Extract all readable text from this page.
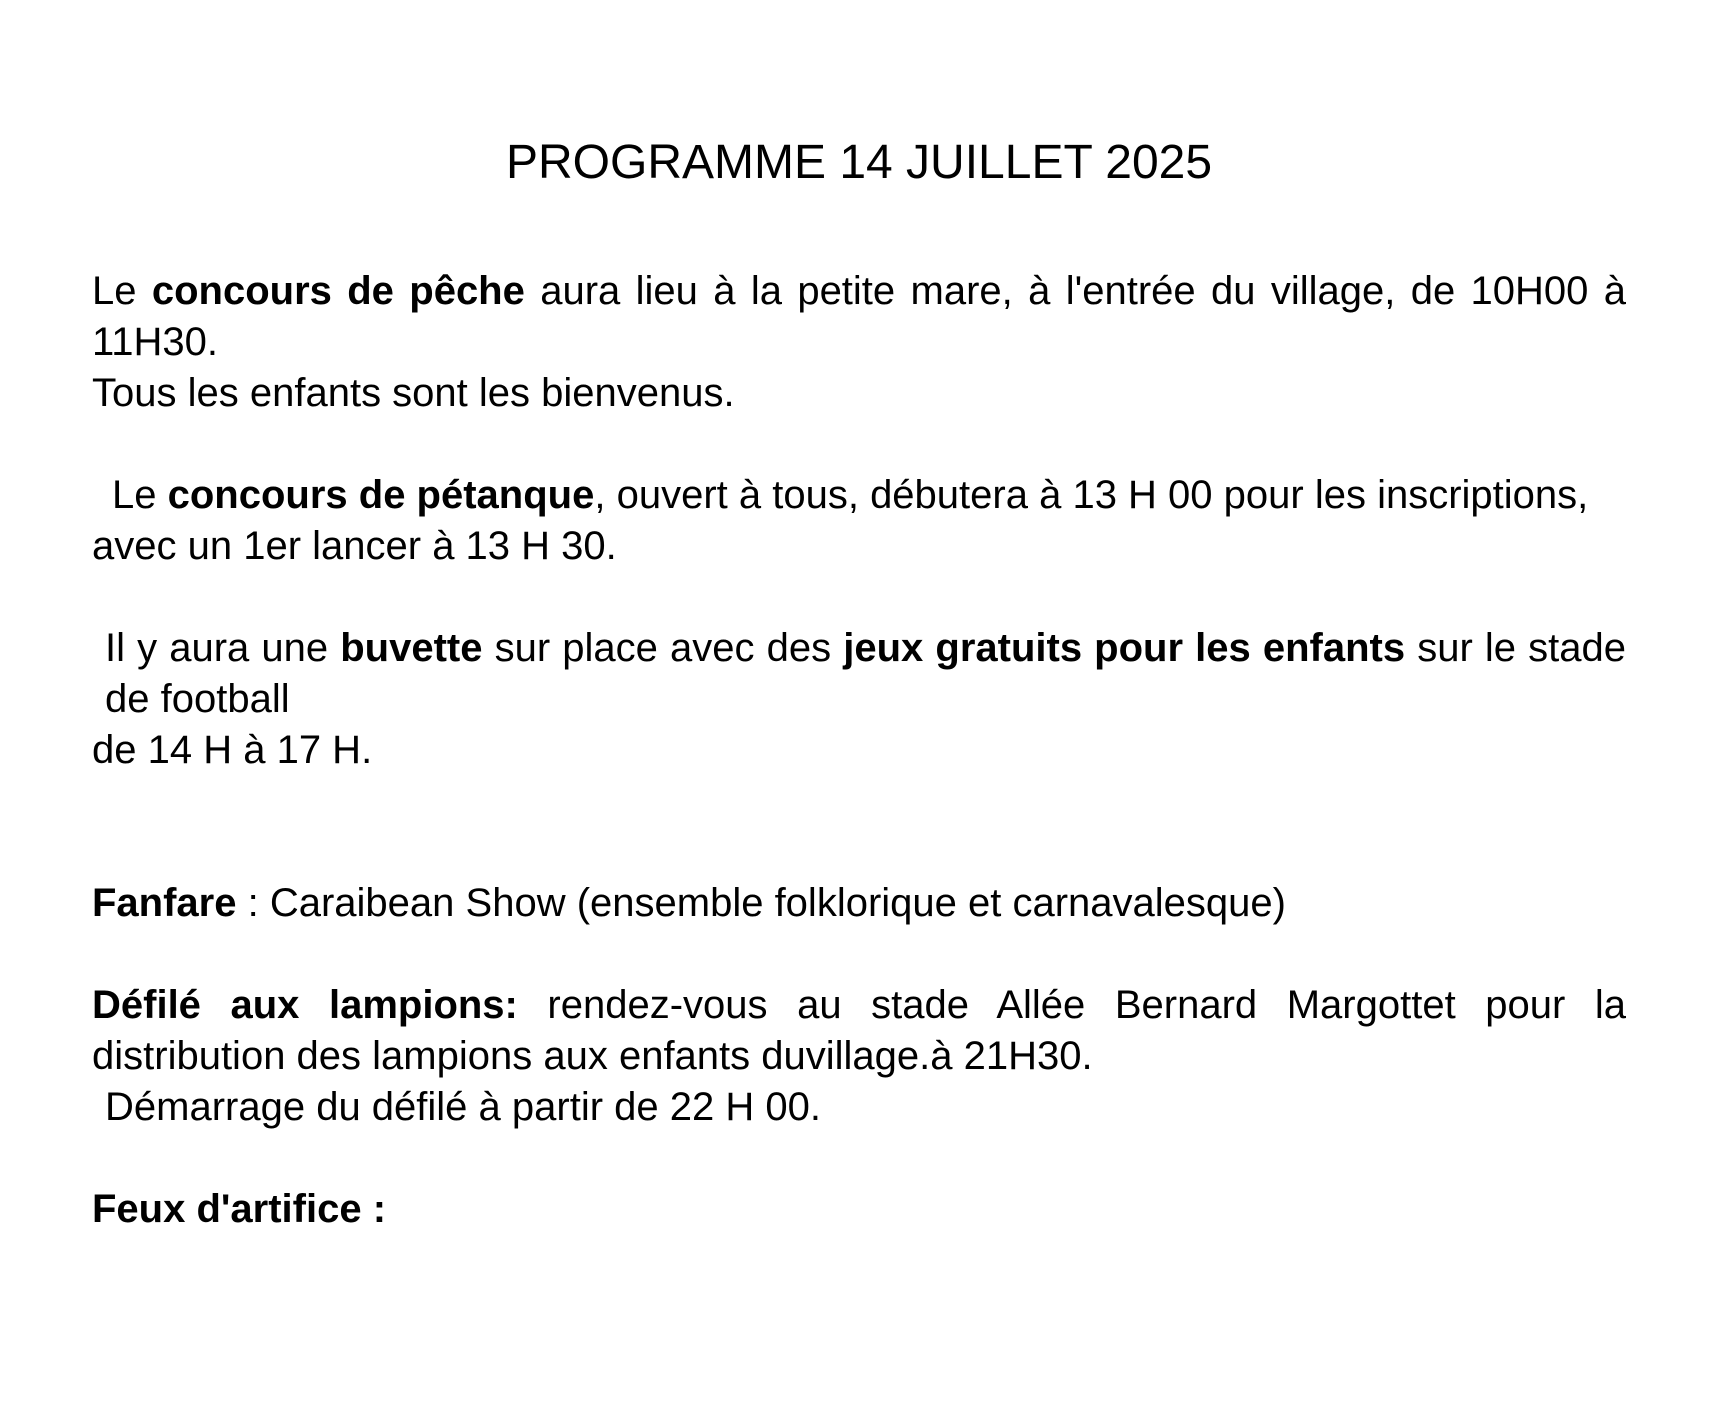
PROGRAMME 14 JUILLET 2025
Le concours de pêche aura lieu à la petite mare, à l'entrée du village, de 10H00 à 11H30.
Tous les enfants sont les bienvenus.
Le concours de pétanque, ouvert à tous, débutera à 13 H 00 pour les inscriptions,
avec un 1er lancer à 13 H 30.
Il y aura une buvette sur place avec des jeux gratuits pour les enfants sur le stade de football
de 14 H à 17 H.
Fanfare : Caraibean Show (ensemble folklorique et carnavalesque)
Défilé aux lampions: rendez-vous au stade Allée Bernard Margottet pour la distribution des lampions aux enfants duvillage.à 21H30.
Démarrage du défilé à partir de 22 H 00.
Feux d'artifice :
